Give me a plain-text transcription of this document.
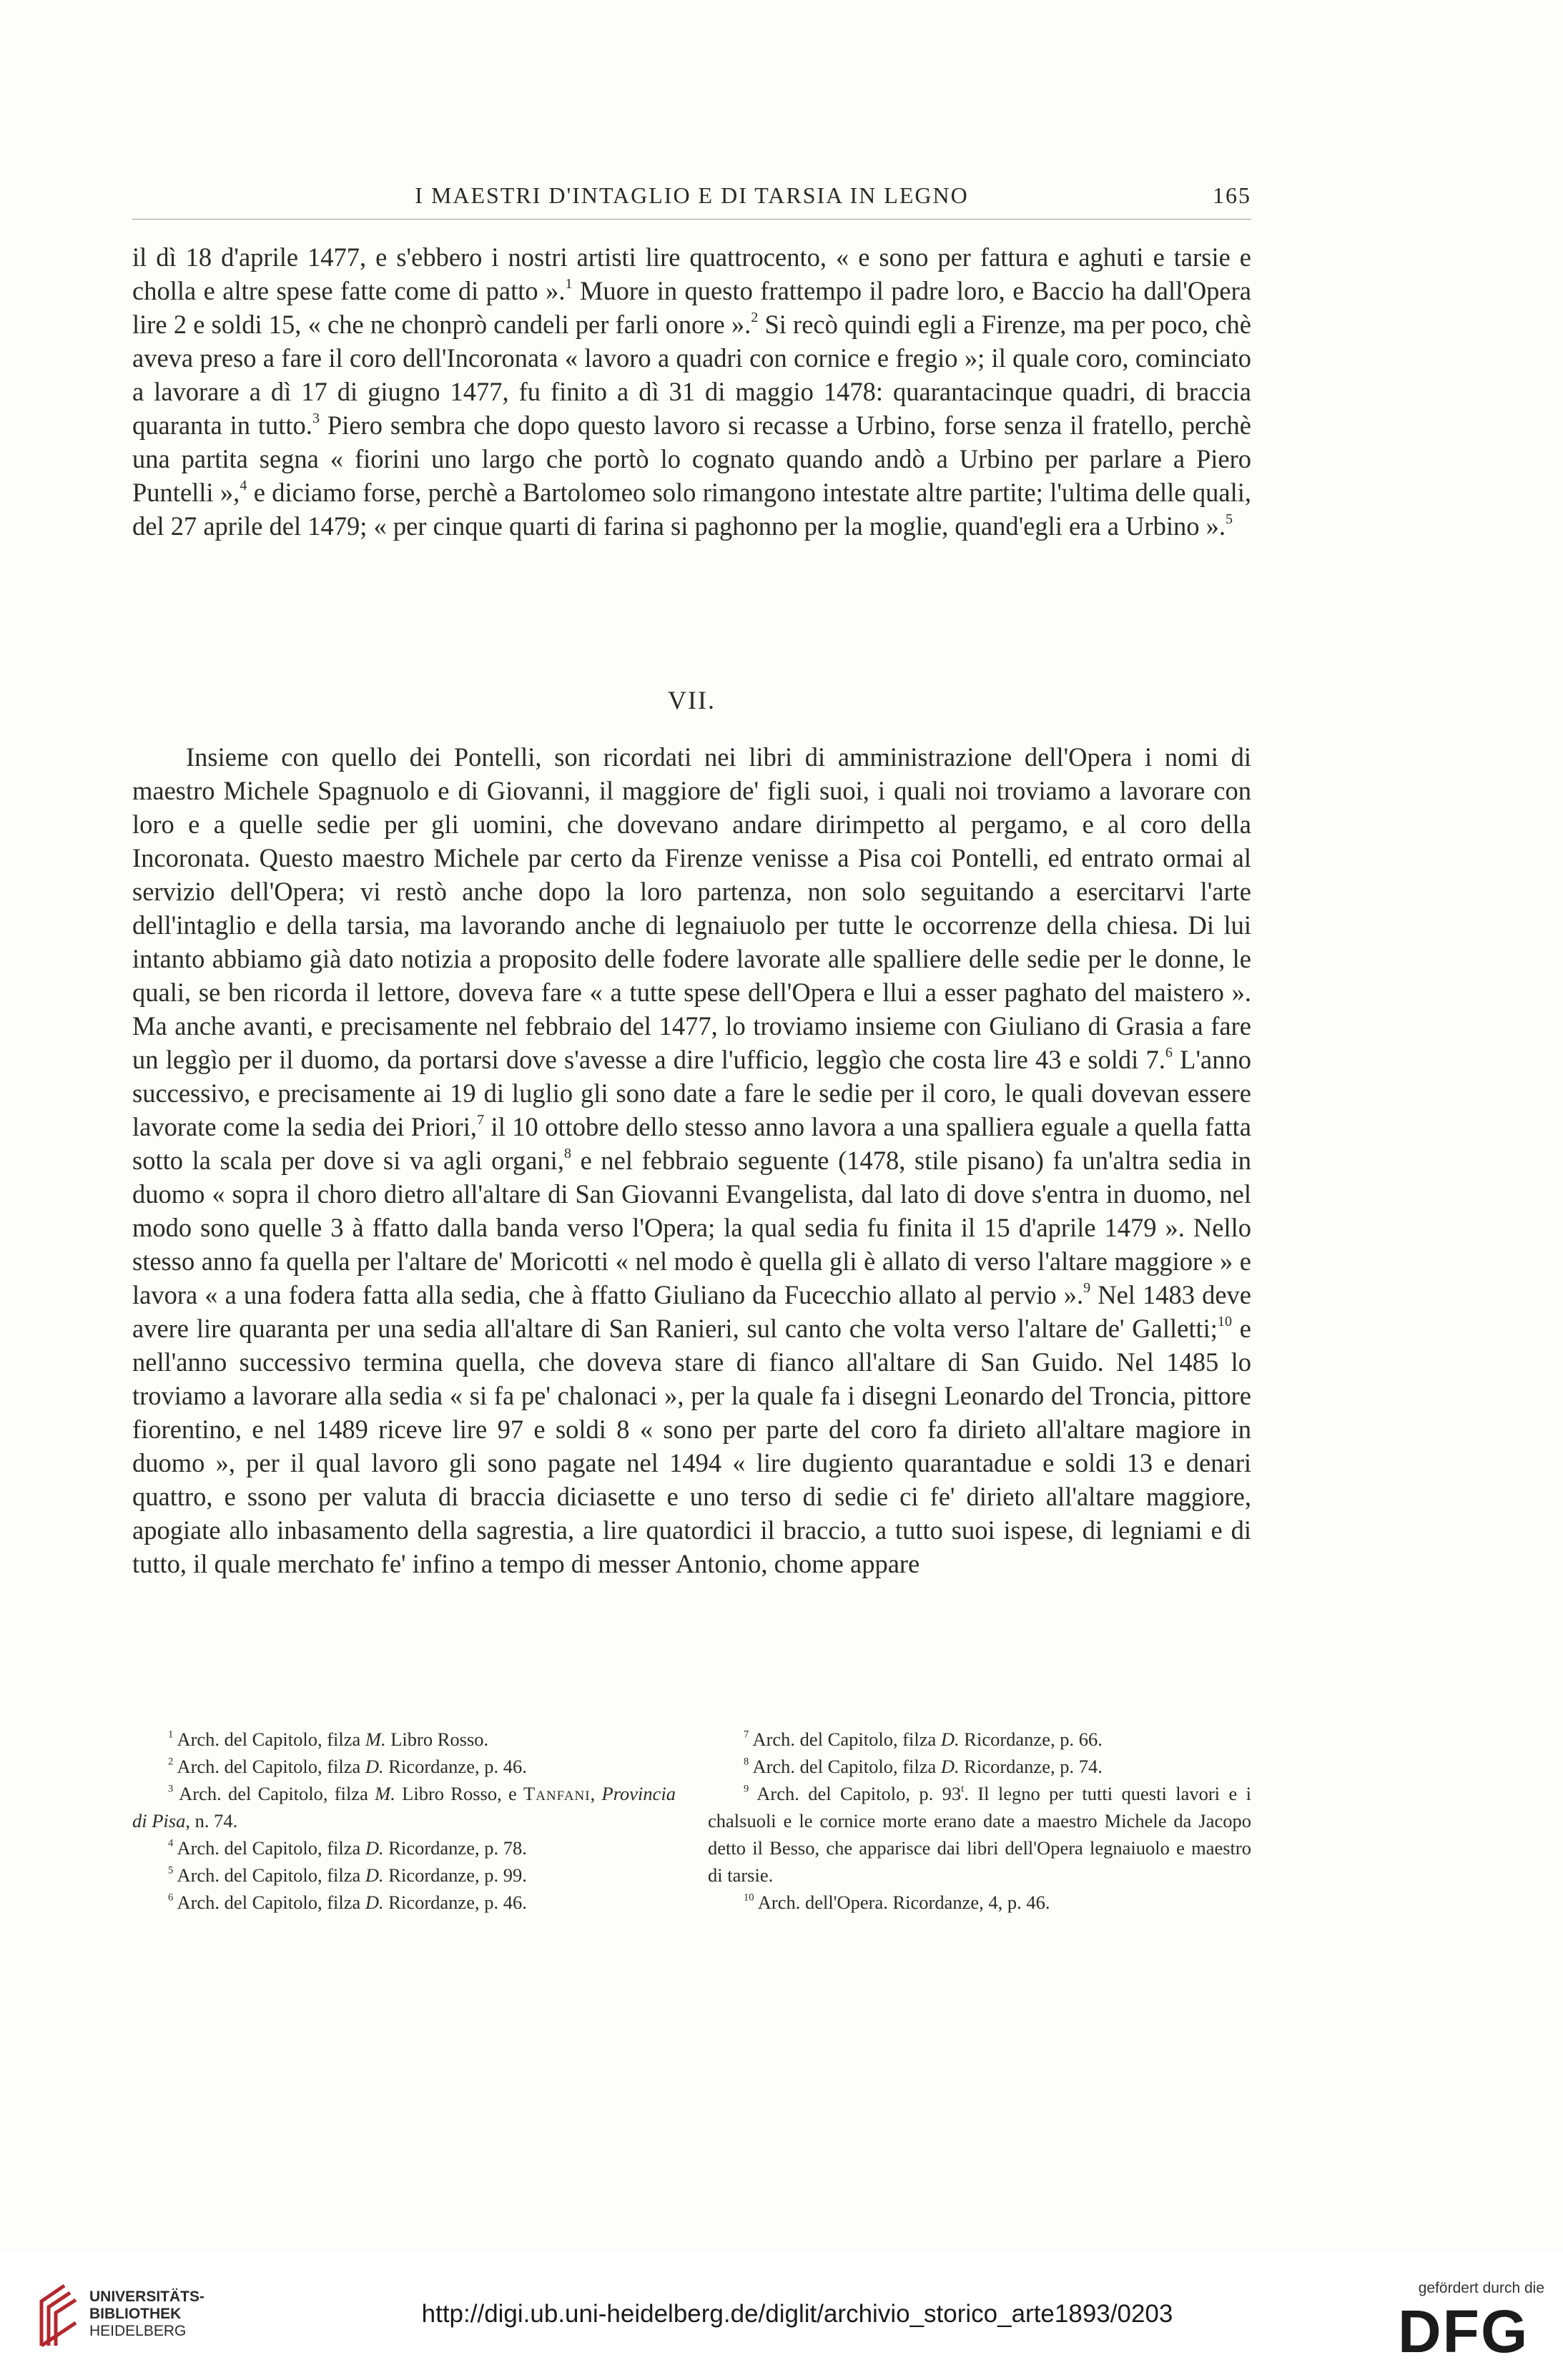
I MAESTRI D'INTAGLIO E DI TARSIA IN LEGNO	165

il dì 18 d'aprile 1477, e s'ebbero i nostri artisti lire quattrocento, « e sono per fattura e aghuti e tarsie e cholla e altre spese fatte come di patto ».$^1$ Muore in questo frattempo il padre loro, e Baccio ha dall'Opera lire 2 e soldi 15, « che ne chonprò candeli per farli onore ».$^2$ Si recò quindi egli a Firenze, ma per poco, chè aveva preso a fare il coro dell'Incoronata « lavoro a quadri con cornice e fregio »; il quale coro, cominciato a lavorare a dì 17 di giugno 1477, fu finito a dì 31 di maggio 1478: quarantacinque quadri, di braccia quaranta in tutto.$^3$ Piero sembra che dopo questo lavoro si recasse a Urbino, forse senza il fratello, perchè una partita segna « fiorini uno largo che portò lo cognato quando andò a Urbino per parlare a Piero Puntelli »,$^4$ e diciamo forse, perchè a Bartolomeo solo rimangono intestate altre partite; l'ultima delle quali, del 27 aprile del 1479; « per cinque quarti di farina si paghonno per la moglie, quand'egli era a Urbino ».$^5$

VII.

Insieme con quello dei Pontelli, son ricordati nei libri di amministrazione dell'Opera i nomi di maestro Michele Spagnuolo e di Giovanni, il maggiore de' figli suoi, i quali noi troviamo a lavorare con loro e a quelle sedie per gli uomini, che dovevano andare dirimpetto al pergamo, e al coro della Incoronata. Questo maestro Michele par certo da Firenze venisse a Pisa coi Pontelli, ed entrato ormai al servizio dell'Opera; vi restò anche dopo la loro partenza, non solo seguitando a esercitarvi l'arte dell'intaglio e della tarsia, ma lavorando anche di legnaiuolo per tutte le occorrenze della chiesa. Di lui intanto abbiamo già dato notizia a proposito delle fodere lavorate alle spalliere delle sedie per le donne, le quali, se ben ricorda il lettore, doveva fare « a tutte spese dell'Opera e llui a esser paghato del maistero ». Ma anche avanti, e precisamente nel febbraio del 1477, lo troviamo insieme con Giuliano di Grasia a fare un leggìo per il duomo, da portarsi dove s'avesse a dire l'ufficio, leggìo che costa lire 43 e soldi 7.$^6$ L'anno successivo, e precisamente ai 19 di luglio gli sono date a fare le sedie per il coro, le quali dovevan essere lavorate come la sedia dei Priori,$^7$ il 10 ottobre dello stesso anno lavora a una spalliera eguale a quella fatta sotto la scala per dove si va agli organi,$^8$ e nel febbraio seguente (1478, stile pisano) fa un'altra sedia in duomo « sopra il choro dietro all'altare di San Giovanni Evangelista, dal lato di dove s'entra in duomo, nel modo sono quelle 3 à ffatto dalla banda verso l'Opera; la qual sedia fu finita il 15 d'aprile 1479 ». Nello stesso anno fa quella per l'altare de' Moricotti « nel modo è quella gli è allato di verso l'altare maggiore » e lavora « a una fodera fatta alla sedia, che à ffatto Giuliano da Fucecchio allato al pervio ».$^9$ Nel 1483 deve avere lire quaranta per una sedia all'altare di San Ranieri, sul canto che volta verso l'altare de' Galletti;$^{10}$ e nell'anno successivo termina quella, che doveva stare di fianco all'altare di San Guido. Nel 1485 lo troviamo a lavorare alla sedia « si fa pe' chalonaci », per la quale fa i disegni Leonardo del Troncia, pittore fiorentino, e nel 1489 riceve lire 97 e soldi 8 « sono per parte del coro fa dirieto all'altare magiore in duomo », per il qual lavoro gli sono pagate nel 1494 « lire dugiento quarantadue e soldi 13 e denari quattro, e ssono per valuta di braccia diciasette e uno terso di sedie ci fe' dirieto all'altare maggiore, apogiate allo inbasamento della sagrestia, a lire quatordici il braccio, a tutto suoi ispese, di legniami e di tutto, il quale merchato fe' infino a tempo di messer Antonio, chome appare

$^1$ Arch. del Capitolo, filza M. Libro Rosso.

$^2$ Arch. del Capitolo, filza D. Ricordanze, p. 46.

$^3$ Arch. del Capitolo, filza M. Libro Rosso, e Tanfani, Provincia di Pisa, n. 74.

$^4$ Arch. del Capitolo, filza D. Ricordanze, p. 78.

$^5$ Arch. del Capitolo, filza D. Ricordanze, p. 99.

$^6$ Arch. del Capitolo, filza D. Ricordanze, p. 46.

$^7$ Arch. del Capitolo, filza D. Ricordanze, p. 66.

$^8$ Arch. del Capitolo, filza D. Ricordanze, p. 74.

$^9$ Arch. del Capitolo, p. 93$^t$. Il legno per tutti questi lavori e i chalsuoli e le cornice morte erano date a maestro Michele da Jacopo detto il Besso, che apparisce dai libri dell'Opera legnaiuolo e maestro di tarsie.

$^{10}$ Arch. dell'Opera. Ricordanze, 4, p. 46.

UNIVERSITÄTS-
BIBLIOTHEK
HEIDELBERG
http://digi.ub.uni-heidelberg.de/diglit/archivio_storico_arte1893/0203
gefördert durch die
DFG
